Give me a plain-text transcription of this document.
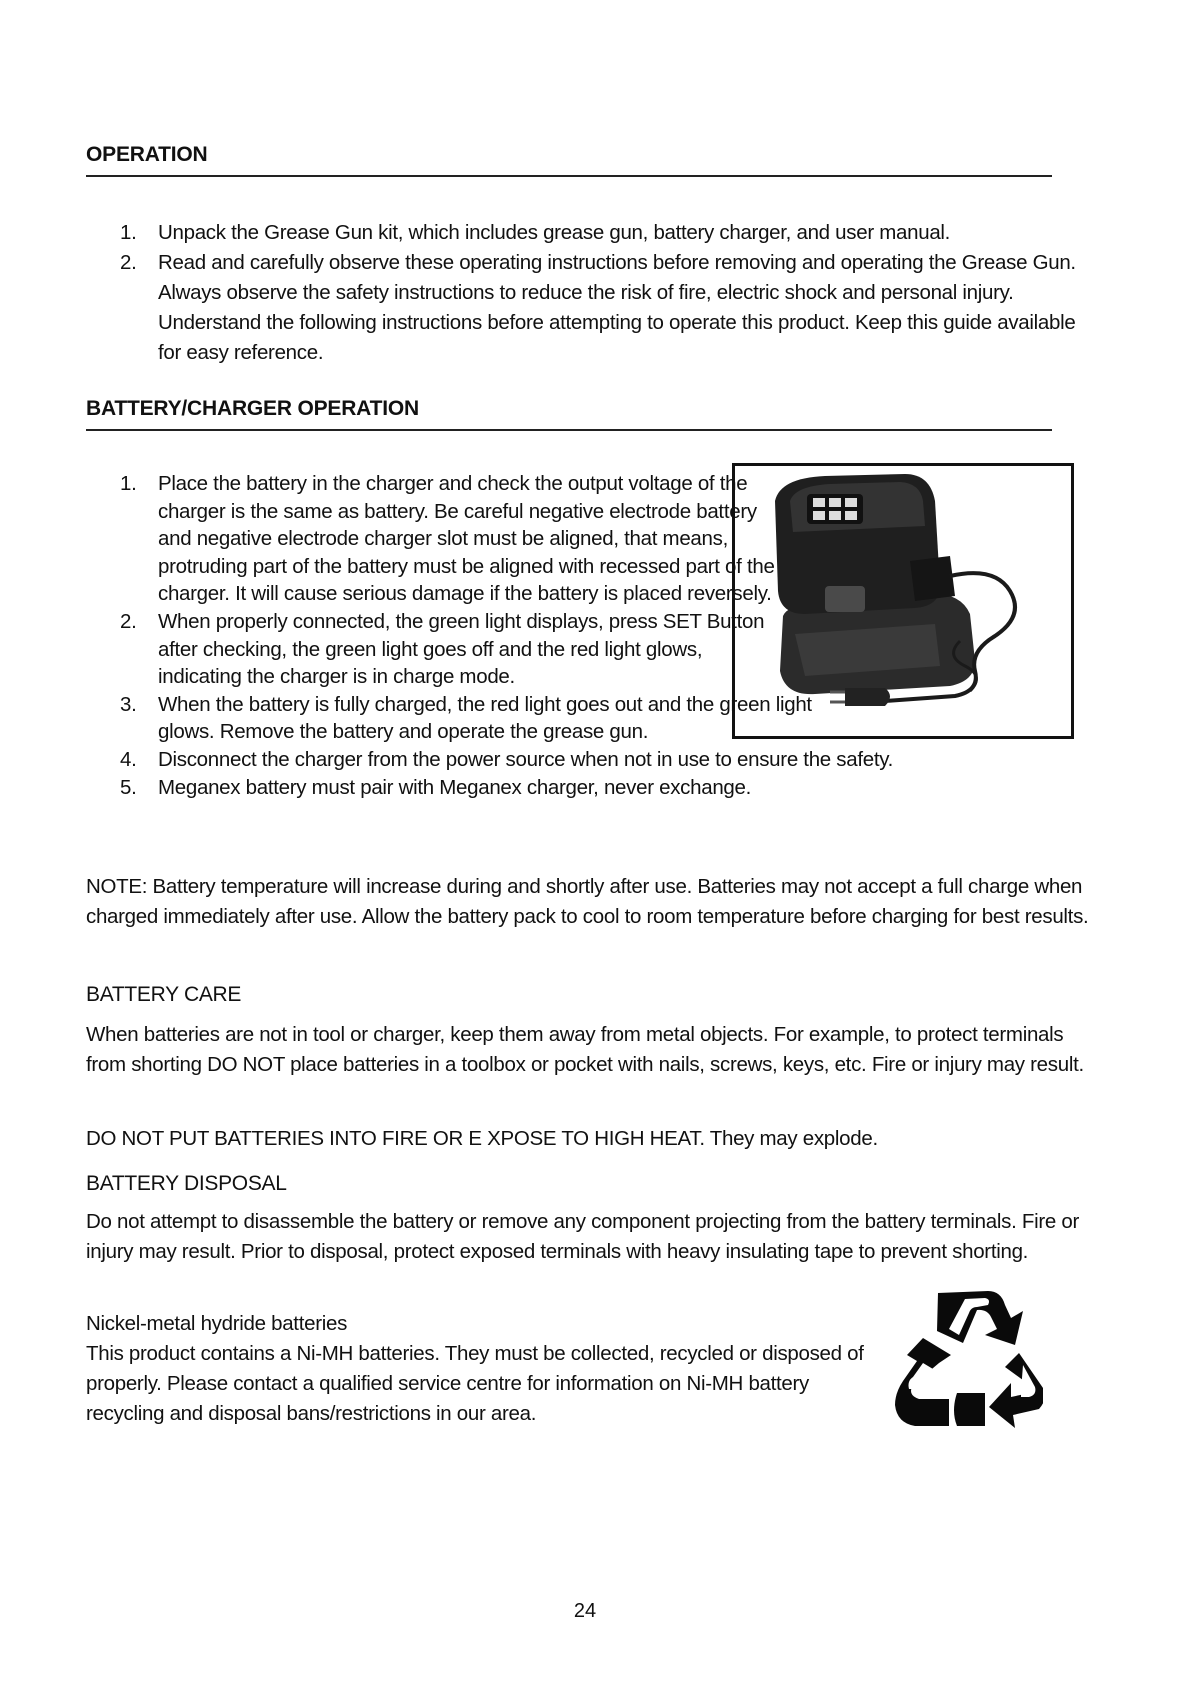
OPERATION
1. Unpack the Grease Gun kit, which includes grease gun, battery charger, and user manual.
2. Read and carefully observe these operating instructions before removing and operating the Grease Gun. Always observe the safety instructions to reduce the risk of fire, electric shock and personal injury. Understand the following instructions before attempting to operate this product. Keep this guide available for easy reference.
BATTERY/CHARGER OPERATION
1. Place the battery in the charger and check the output voltage of the charger is the same as battery. Be careful negative electrode battery and negative electrode charger slot must be aligned, that means, protruding part of the battery must be aligned with recessed part of the charger. It will cause serious damage if the battery is placed reversely.
2. When properly connected, the green light displays, press SET Button after checking, the green light goes off and the red light glows, indicating the charger is in charge mode.
3. When the battery is fully charged, the red light goes out and the green light glows. Remove the battery and operate the grease gun.
4. Disconnect the charger from the power source when not in use to ensure the safety.
5. Meganex battery must pair with Meganex charger, never exchange.
NOTE: Battery temperature will increase during and shortly after use. Batteries may not accept a full charge when charged immediately after use. Allow the battery pack to cool to room temperature before charging for best results.
BATTERY CARE
When batteries are not in tool or charger, keep them away from metal objects. For example, to protect terminals from shorting DO NOT place batteries in a toolbox or pocket with nails, screws, keys, etc. Fire or injury may result.
DO NOT PUT BATTERIES INTO FIRE OR E XPOSE TO HIGH HEAT. They may explode.
BATTERY DISPOSAL
Do not attempt to disassemble the battery or remove any component projecting from the battery terminals. Fire or injury may result. Prior to disposal, protect exposed terminals with heavy insulating tape to prevent shorting.
Nickel-metal hydride batteries
This product contains a Ni-MH batteries. They must be collected, recycled or disposed of properly. Please contact a qualified service centre for information on Ni-MH battery recycling and disposal bans/restrictions in our area.
24
